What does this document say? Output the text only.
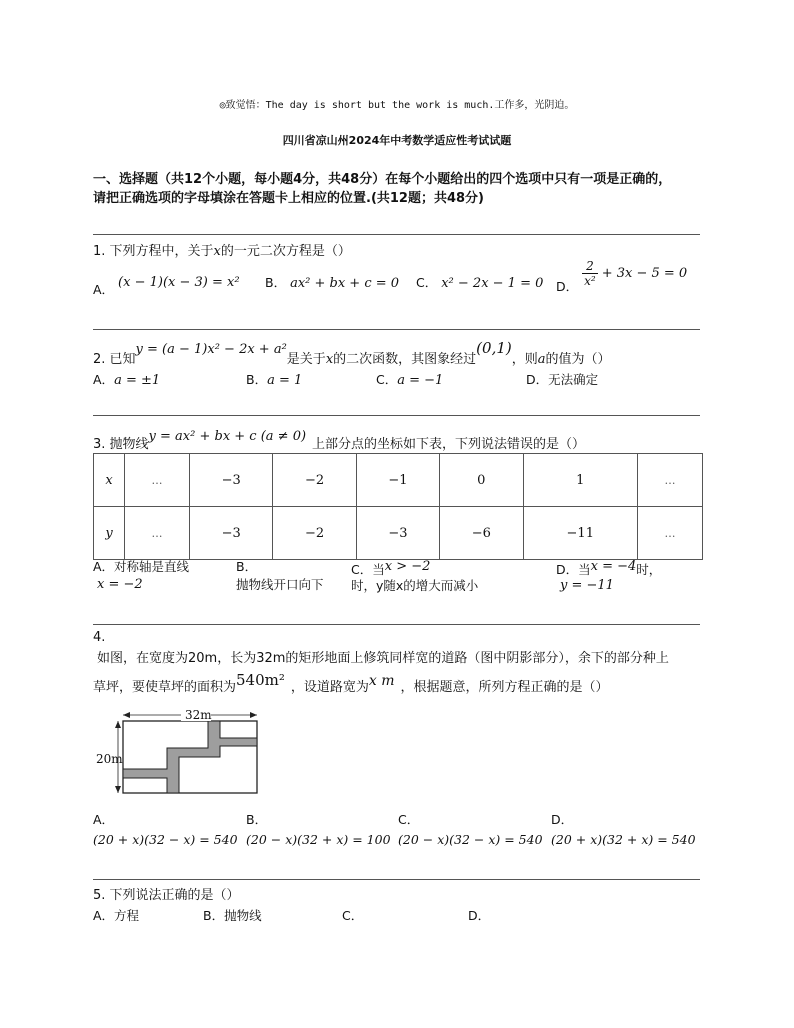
◎致觉悟：The day is short but the work is much.工作多，光阴迫。
四川省凉山州2024年中考数学适应性考试试题
一、选择题（共12个小题，每小题4分，共48分）在每个小题给出的四个选项中只有一项是正确的，
请把正确选项的字母填涂在答题卡上相应的位置.(共12题；共48分)
1. 下列方程中，关于x的一元二次方程是（）
A． (x − 1)(x − 3) = x² B． ax² + bx + c = 0 C． x² − 2x − 1 = 0 D． $\frac{2}{\text{x²}} + 3x - 5 = 0$
2. 已知y = (a − 1)x² − 2x + a²是关于x的二次函数，其图象经过(0,1)，则a的值为（）
A．a = ±1	B．a = 1	C．a = −1	D．无法确定
3. 抛物线y = ax² + bx + c (a ≠ 0)上部分点的坐标如下表，下列说法错误的是（）
x	…	−3	−2	−1	0	1	…
y	…	−3	−2	−3	−6	−11	…
A．对称轴是直线
x = −2
B．
抛物线开口向下
C．当x > −2
时，y随x的增大而减小
D．当x = −4时，
y = −11
4.
如图，在宽度为20m，长为32m的矩形地面上修筑同样宽的道路（图中阴影部分），余下的部分种上
草坪，要使草坪的面积为540m² ，设道路宽为x m ，根据题意，所列方程正确的是（）
32m
20m
A．
(20 + x)(32 − x) = 540
B．
(20 − x)(32 + x) = 100
C．
(20 − x)(32 − x) = 540
D．
(20 + x)(32 + x) = 540
5. 下列说法正确的是（）
A．方程	B．抛物线	C．	D．
